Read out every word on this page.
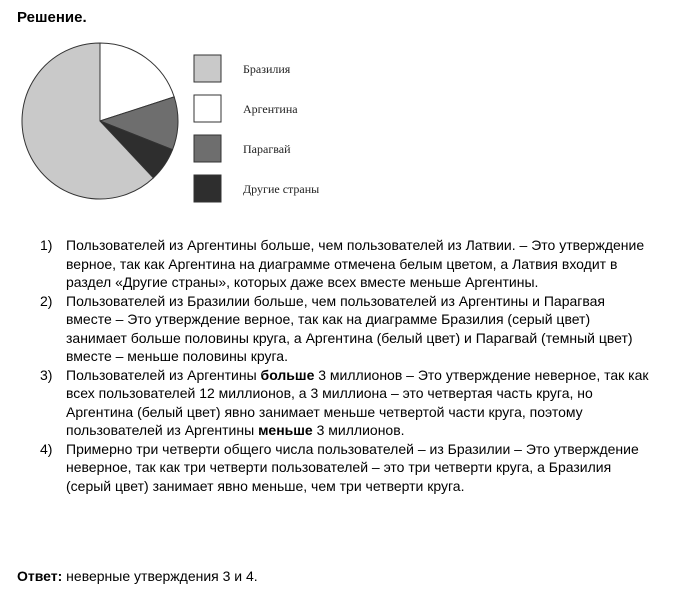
Решение.
Бразилия
Аргентина
Парагвай
Другие страны
1) Пользователей из Аргентины больше, чем пользователей из Латвии. – Это утверждение верное, так как Аргентина на диаграмме отмечена белым цветом, а Латвия входит в раздел «Другие страны», которых даже всех вместе меньше Аргентины.
2) Пользователей из Бразилии больше, чем пользователей из Аргентины и Парагвая вместе – Это утверждение верное, так как на диаграмме Бразилия (серый цвет) занимает больше половины круга, а Аргентина (белый цвет) и Парагвай (темный цвет) вместе – меньше половины круга.
3) Пользователей из Аргентины больше 3 миллионов – Это утверждение неверное, так как всех пользователей 12 миллионов, а 3 миллиона – это четвертая часть круга, но Аргентина (белый цвет) явно занимает меньше четвертой части круга, поэтому пользователей из Аргентины меньше 3 миллионов.
4) Примерно три четверти общего числа пользователей – из Бразилии – Это утверждение неверное, так как три четверти пользователей – это три четверти круга, а Бразилия (серый цвет) занимает явно меньше, чем три четверти круга.

Ответ: неверные утверждения 3 и 4.
